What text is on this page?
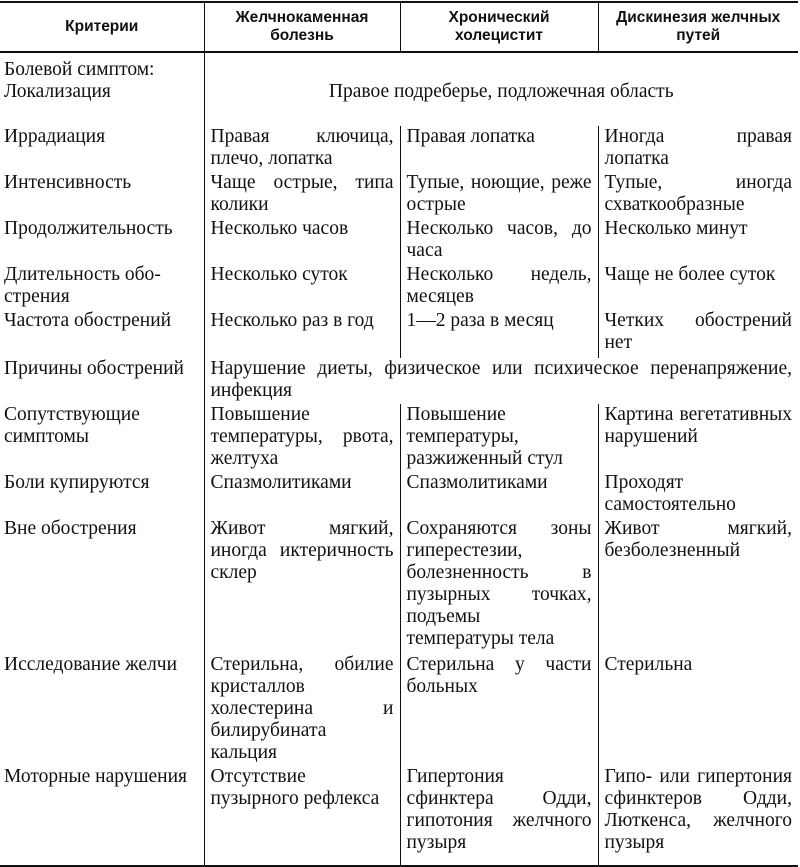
Критерии	Желчнокаменная болезнь	Хронический холецистит	Дискинезия желчных путей
Болевой симптом:
Локализация	Правое подреберье, подложечная область		
Иррадиация	Правая ключица, плечо, лопатка	Правая лопатка	Иногда правая лопатка
Интенсивность	Чаще острые, типа колики	Тупые, ноющие, реже острые	Тупые, иногда схваткообразные
Продолжительность	Несколько часов	Несколько часов, до часа	Несколько минут
Длительность обострения	Несколько суток	Несколько недель, месяцев	Чаще не более суток
Частота обострений	Несколько раз в год	1—2 раза в месяц	Четких обострений нет
Причины обострений	Нарушение диеты, физическое или психическое перенапряжение, инфекция		
Сопутствующие симптомы	Повышение температуры, рвота, желтуха	Повышение температуры, разжиженный стул	Картина вегетативных нарушений
Боли купируются	Спазмолитиками	Спазмолитиками	Проходят самостоятельно
Вне обострения	Живот мягкий, иногда иктеричность склер	Сохраняются зоны гиперестезии, болезненность в пузырных точках, подъемы температуры тела	Живот мягкий, безболезненный
Исследование желчи	Стерильна, обилие кристаллов холестерина и билирубината кальция	Стерильна у части больных	Стерильна
Моторные нарушения	Отсутствие пузырного рефлекса	Гипертония сфинктера Одди, гипотония желчного пузыря	Гипо- или гипертония сфинктеров Одди, Люткенса, желчного пузыря
